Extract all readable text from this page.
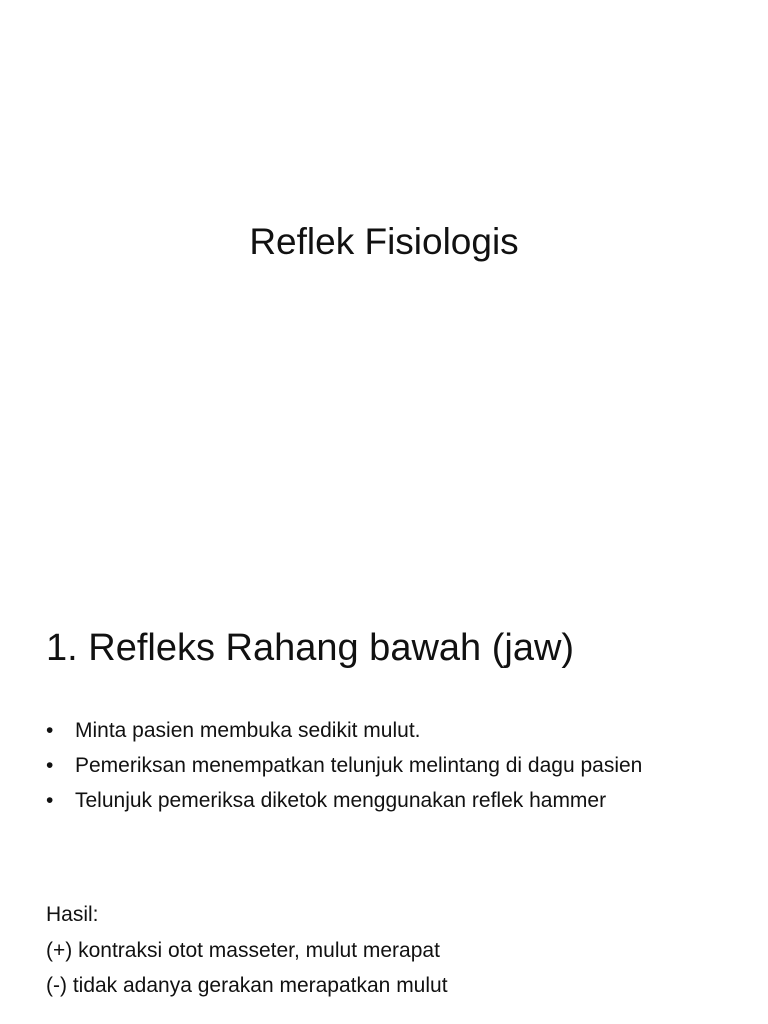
Reflek Fisiologis
1. Refleks Rahang bawah (jaw)
•	Minta pasien membuka sedikit mulut.
•	Pemeriksan menempatkan telunjuk melintang di dagu pasien
•	Telunjuk pemeriksa diketok menggunakan reflek hammer
Hasil:
(+) kontraksi otot masseter, mulut merapat
(-) tidak adanya gerakan merapatkan mulut
